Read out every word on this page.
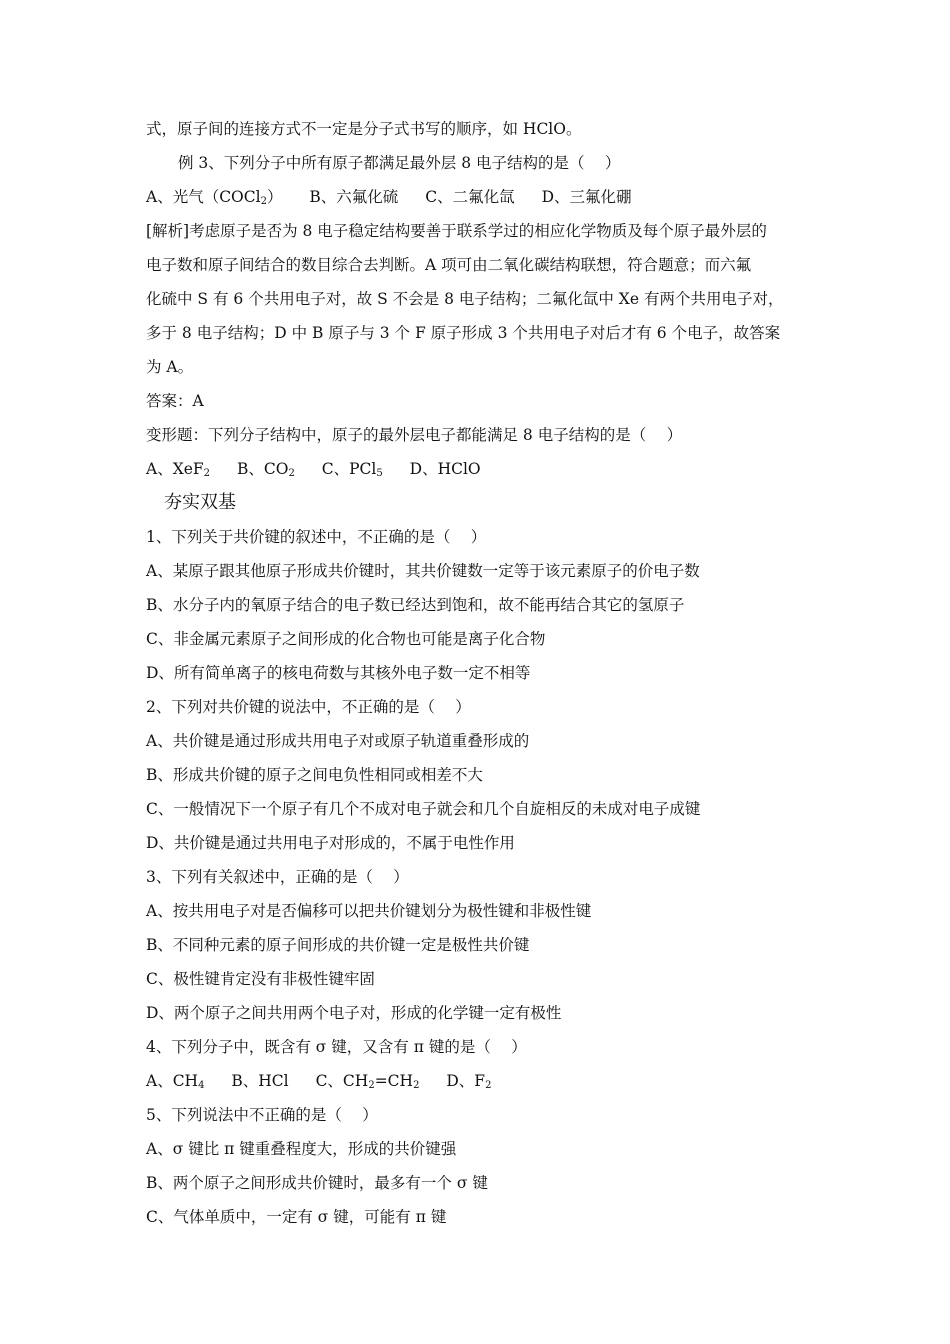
式，原子间的连接方式不一定是分子式书写的顺序，如 HClO。
例 3、下列分子中所有原子都满足最外层 8 电子结构的是（　 ）
A、光气（COCl$_2$） B、六氟化硫 C、二氟化氙 D、三氟化硼
[解析]考虑原子是否为 8 电子稳定结构要善于联系学过的相应化学物质及每个原子最外层的
电子数和原子间结合的数目综合去判断。A 项可由二氧化碳结构联想，符合题意；而六氟
化硫中 S 有 6 个共用电子对，故 S 不会是 8 电子结构；二氟化氙中 Xe 有两个共用电子对，
多于 8 电子结构；D 中 B 原子与 3 个 F 原子形成 3 个共用电子对后才有 6 个电子，故答案
为 A。
答案：A
变形题：下列分子结构中，原子的最外层电子都能满足 8 电子结构的是（　 ）
A、XeF$_2$ B、$CO_2$ C、PCl$_5$ D、HClO
夯实双基
1、下列关于共价键的叙述中，不正确的是（　 ）
A、某原子跟其他原子形成共价键时，其共价键数一定等于该元素原子的价电子数
B、水分子内的氧原子结合的电子数已经达到饱和，故不能再结合其它的氢原子
C、非金属元素原子之间形成的化合物也可能是离子化合物
D、所有简单离子的核电荷数与其核外电子数一定不相等
2、下列对共价键的说法中，不正确的是（　 ）
A、共价键是通过形成共用电子对或原子轨道重叠形成的
B、形成共价键的原子之间电负性相同或相差不大
C、一般情况下一个原子有几个不成对电子就会和几个自旋相反的未成对电子成键
D、共价键是通过共用电子对形成的，不属于电性作用
3、下列有关叙述中，正确的是（　 ）
A、按共用电子对是否偏移可以把共价键划分为极性键和非极性键
B、不同种元素的原子间形成的共价键一定是极性共价键
C、极性键肯定没有非极性键牢固
D、两个原子之间共用两个电子对，形成的化学键一定有极性
4、下列分子中，既含有 σ 键，又含有 π 键的是（　 ）
A、$CH_4$ B、HCl C、$CH_2=CH_2$ D、$F_2$
5、下列说法中不正确的是（　 ）
A、σ 键比 π 键重叠程度大，形成的共价键强
B、两个原子之间形成共价键时，最多有一个 σ 键
C、气体单质中，一定有 σ 键，可能有 π 键
